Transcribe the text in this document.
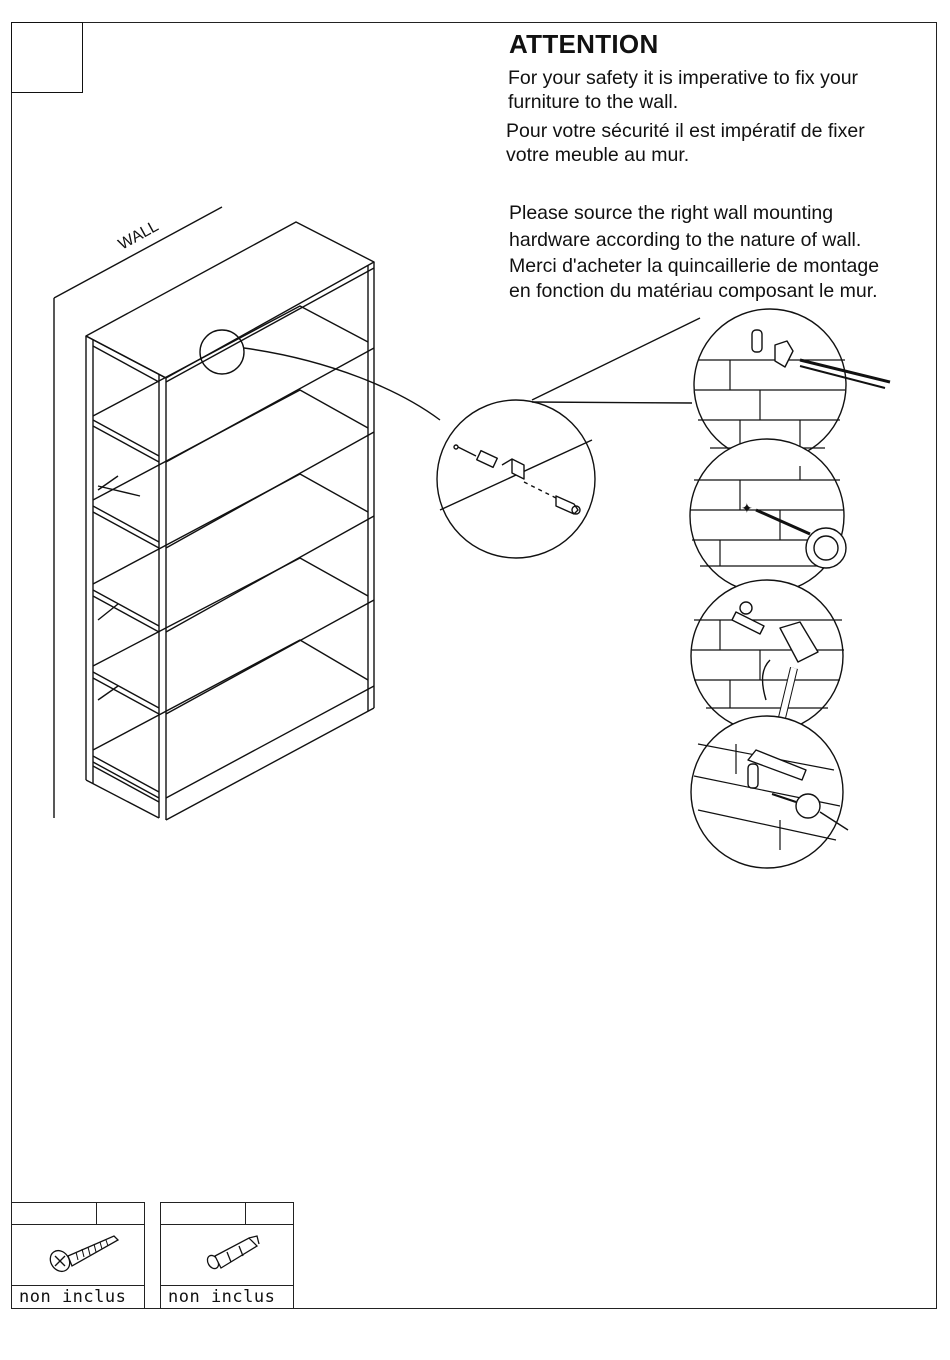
ATTENTION
For your safety it is imperative to fix your
furniture to the wall.
Pour votre sécurité il est impératif de fixer
votre meuble au mur.
Please source the right wall mounting
hardware according to the nature of wall.
Merci d'acheter la quincaillerie de montage
en fonction du matériau composant le mur.
WALL
✦
non inclus	non inclus
